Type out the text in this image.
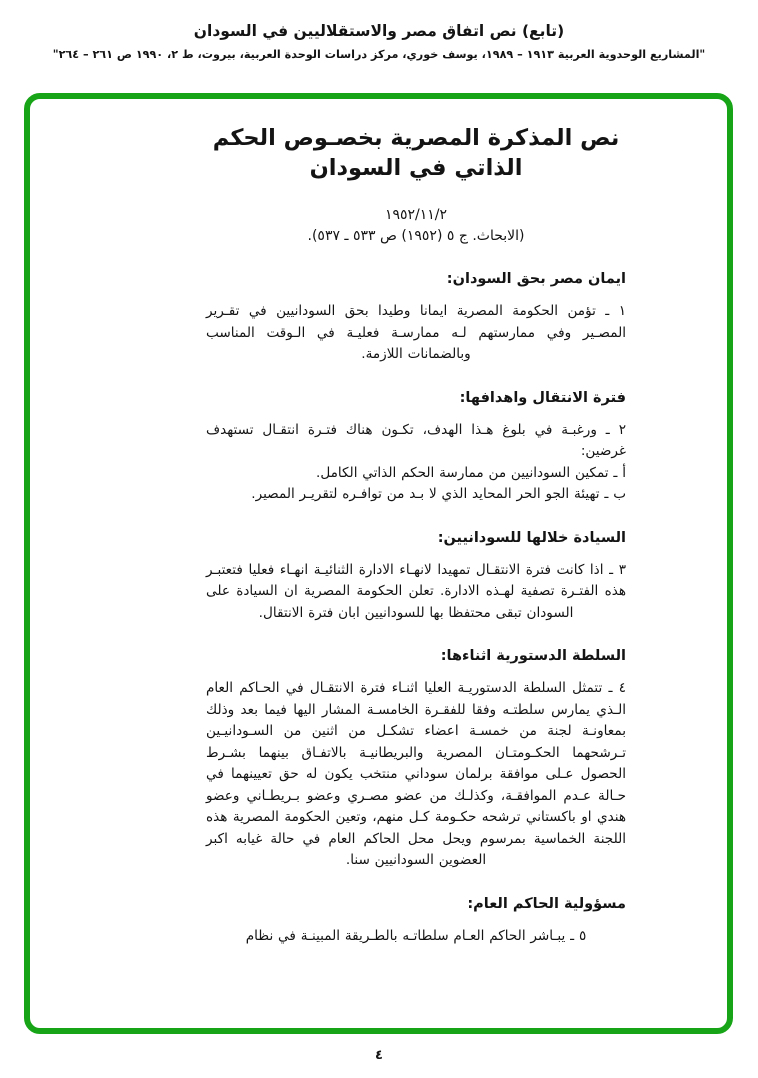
(تابع) نص اتفاق مصر والاستقلاليين في السودان
"المشاريع الوحدوية العربية ١٩١٣ – ١٩٨٩، يوسف خوري، مركز دراسات الوحدة العربية، بيروت، ط ٢، ١٩٩٠ ص ٢٦١ – ٢٦٤"
نص المذكرة المصرية بخصـوص الحكم
الذاتي في السودان
١٩٥٢/١١/٢
(الابحاث. ج ٥ (١٩٥٢) ص ٥٣٣ ـ ٥٣٧).
ايمان مصر بحق السودان:

١ ـ تؤمن الحكومة المصرية ايمانا وطيدا بحق السودانيين في تقـرير المصـير وفي ممارستهم لـه ممارسـة فعليـة في الـوقت المناسب وبالضمانات اللازمة.

فترة الانتقال واهدافها:

٢ ـ ورغبـة في بلوغ هـذا الهدف، تكـون هناك فتـرة انتقـال تستهدف غرضين:

أ ـ تمكين السودانيين من ممارسة الحكم الذاتي الكامل.

ب ـ تهيئة الجو الحر المحايد الذي لا بـد من توافـره لتقريـر المصير.

السيادة خلالها للسودانيين:

٣ ـ اذا كانت فترة الانتقـال تمهيدا لانهـاء الادارة الثنائيـة انهـاء فعليا فتعتبـر هذه الفتـرة تصفية لهـذه الادارة. تعلن الحكومة المصرية ان السيادة على السودان تبقى محتفظا بها للسودانيين ابان فترة الانتقال.

السلطة الدستورية اثناءها:

٤ ـ تتمثل السلطة الدستوريـة العليا اثنـاء فترة الانتقـال في الحـاكم العام الـذي يمارس سلطتـه وفقا للفقـرة الخامسـة المشار اليها فيما بعد وذلك بمعاونـة لجنة من خمسـة اعضاء تشكـل من اثنين من السـودانيـين تـرشحهما الحكـومتـان المصرية والبريطانيـة بالاتفـاق بينهما بشـرط الحصول عـلى موافقة برلمان سوداني منتخب يكون له حق تعيينهما في حـالة عـدم الموافقـة، وكذلـك من عضو مصـري وعضو بـريطـاني وعضو هندي او باكستاني ترشحه حكـومة كـل منهم، وتعين الحكومة المصرية هذه اللجنة الخماسية بمرسوم ويحل محل الحاكم العام في حالة غيابه اكبر العضوين السودانيين سنا.

مسؤولية الحاكم العام:

٥ ـ يبـاشر الحاكم العـام سلطاتـه بالطـريقة المبينـة في نظام

٤
